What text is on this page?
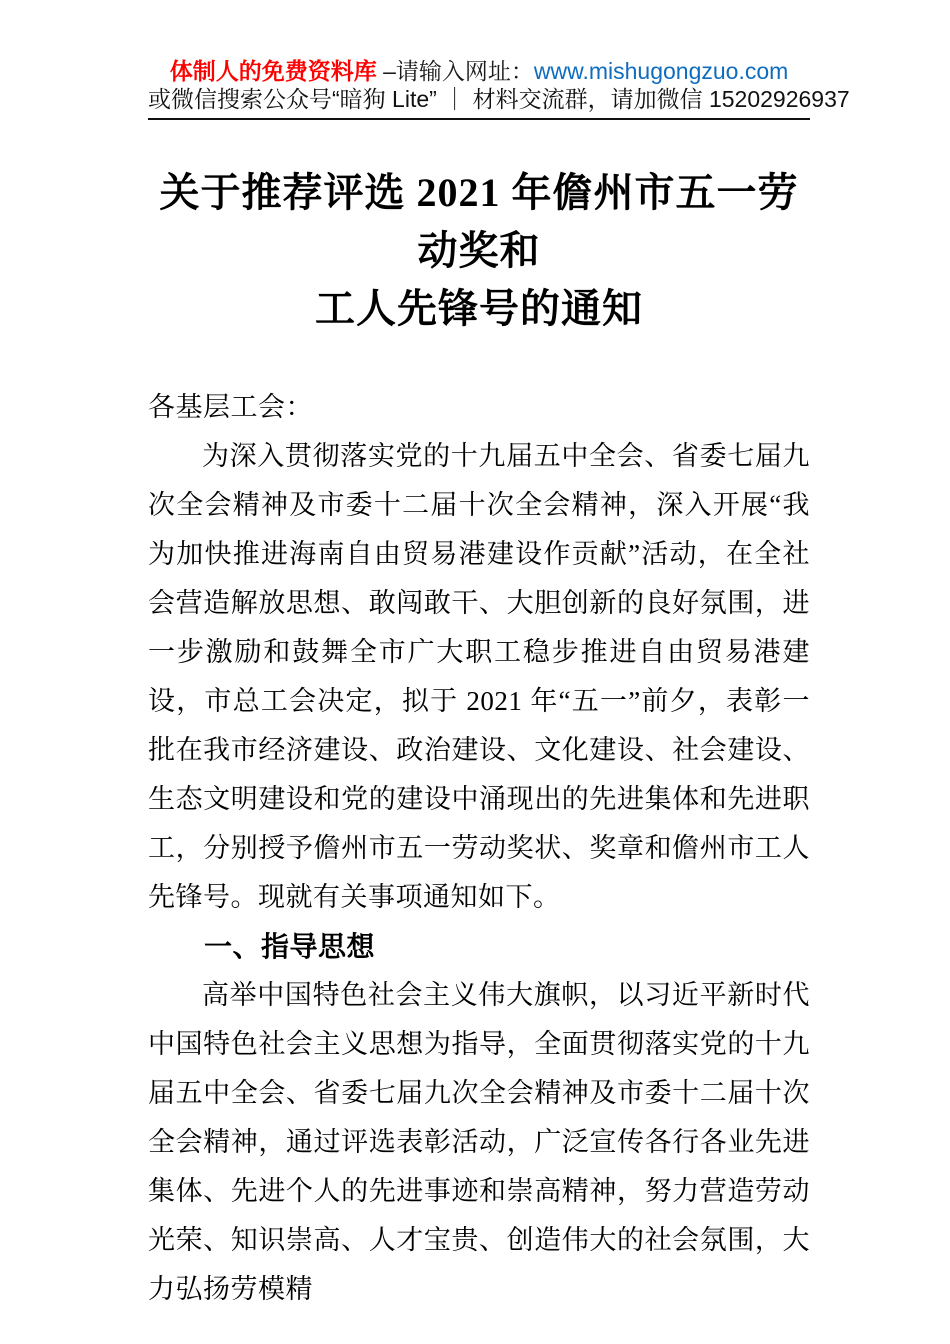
体制人的免费资料库 –请输入网址：www.mishugongzuo.com
或微信搜索公众号“暗狗 Lite” ｜ 材料交流群，请加微信 15202926937
关于推荐评选 2021 年儋州市五一劳动奖和
工人先锋号的通知

各基层工会：

为深入贯彻落实党的十九届五中全会、省委七届九次全会精神及市委十二届十次全会精神，深入开展“我为加快推进海南自由贸易港建设作贡献”活动，在全社会营造解放思想、敢闯敢干、大胆创新的良好氛围，进一步激励和鼓舞全市广大职工稳步推进自由贸易港建设，市总工会决定，拟于 2021 年“五一”前夕，表彰一批在我市经济建设、政治建设、文化建设、社会建设、生态文明建设和党的建设中涌现出的先进集体和先进职工，分别授予儋州市五一劳动奖状、奖章和儋州市工人先锋号。现就有关事项通知如下。

一、指导思想

高举中国特色社会主义伟大旗帜，以习近平新时代中国特色社会主义思想为指导，全面贯彻落实党的十九届五中全会、省委七届九次全会精神及市委十二届十次全会精神，通过评选表彰活动，广泛宣传各行各业先进集体、先进个人的先进事迹和崇高精神，努力营造劳动光荣、知识崇高、人才宝贵、创造伟大的社会氛围，大力弘扬劳模精
